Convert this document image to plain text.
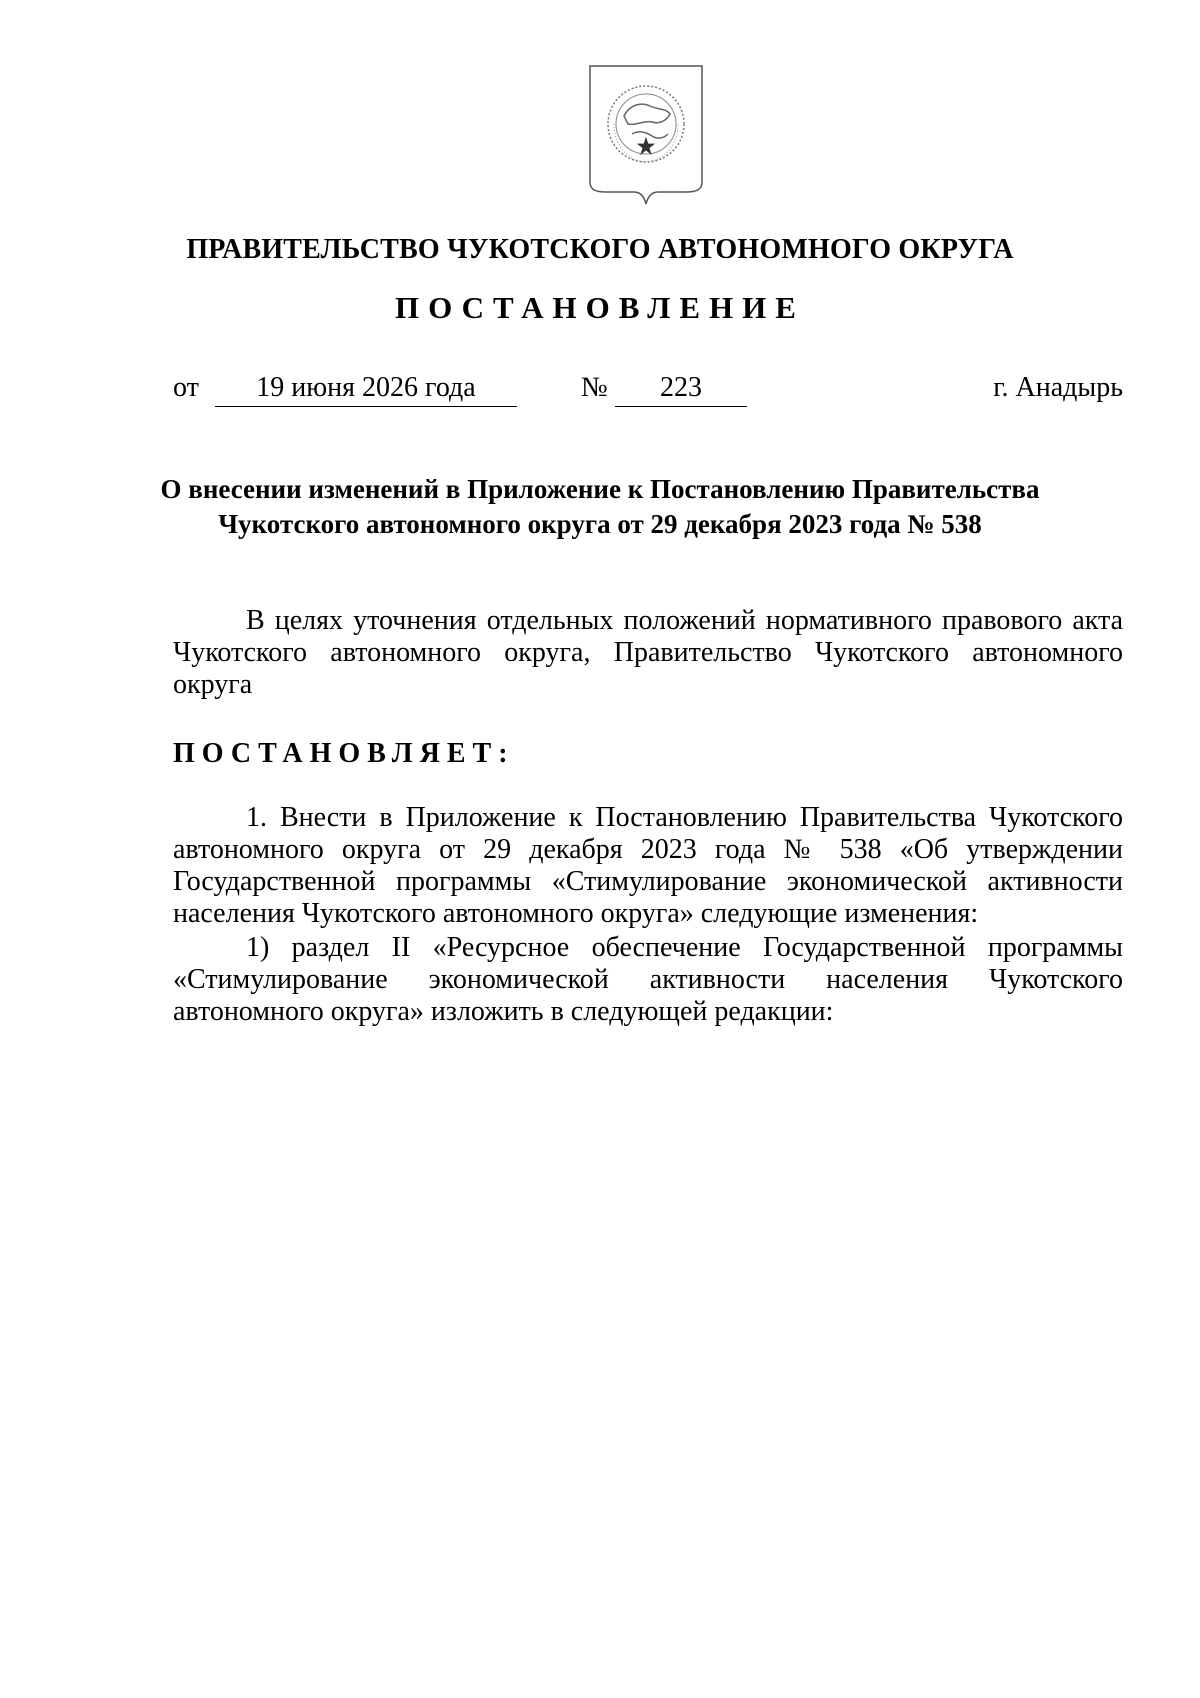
ПРАВИТЕЛЬСТВО ЧУКОТСКОГО АВТОНОМНОГО ОКРУГА
ПОСТАНОВЛЕНИЕ
от	19 июня 2026 года	№	223	г. Анадырь
О внесении изменений в Приложение к Постановлению Правительства
Чукотского автономного округа от 29 декабря 2023 года № 538
В целях уточнения отдельных положений нормативного правового акта Чукотского автономного округа, Правительство Чукотского автономного округа
ПОСТАНОВЛЯЕТ:
1. Внести в Приложение к Постановлению Правительства Чукотского автономного округа от 29 декабря 2023 года № 538 «Об утверждении Государственной программы «Стимулирование экономической активности населения Чукотского автономного округа» следующие изменения:
1) раздел II «Ресурсное обеспечение Государственной программы «Стимулирование экономической активности населения Чукотского автономного округа» изложить в следующей редакции:
